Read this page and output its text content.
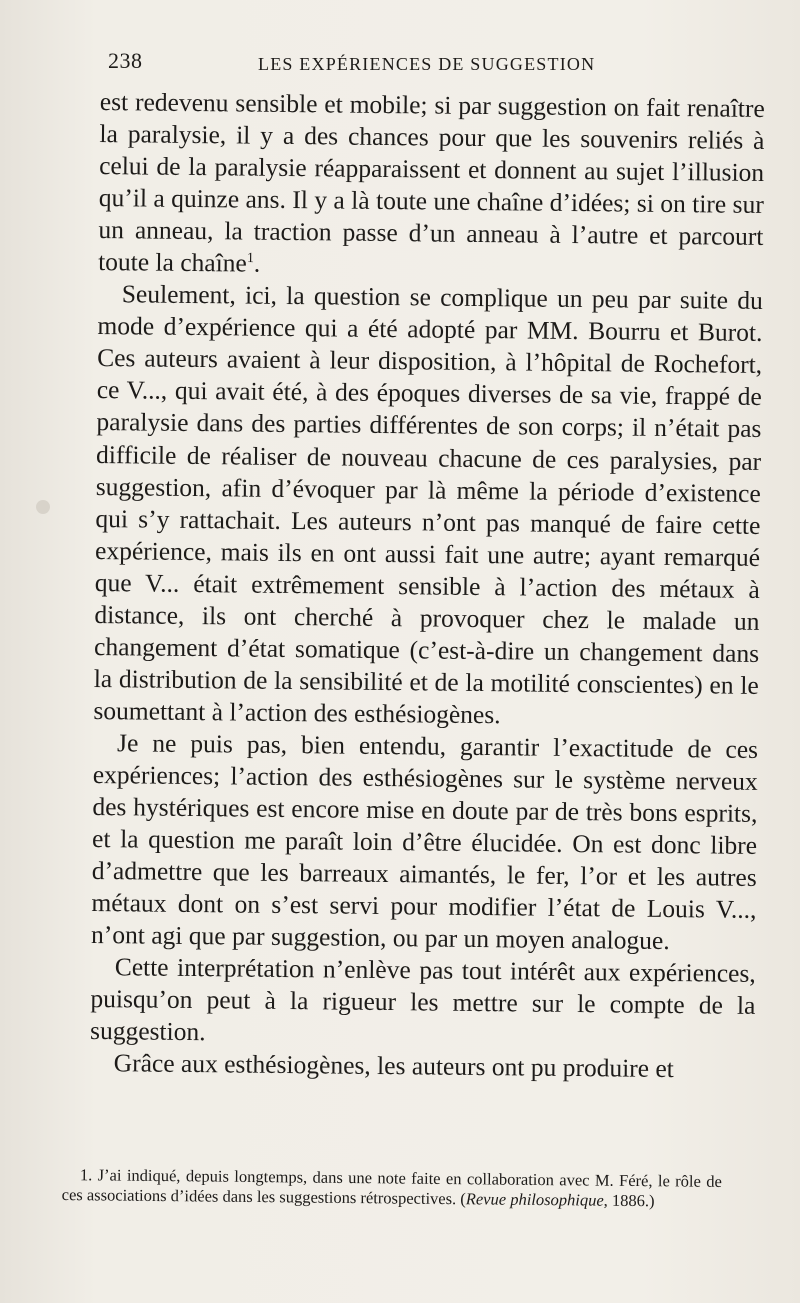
238	LES EXPÉRIENCES DE SUGGESTION

est redevenu sensible et mobile; si par suggestion on fait renaître la paralysie, il y a des chances pour que les souvenirs reliés à celui de la paralysie réapparaissent et donnent au sujet l’illusion qu’il a quinze ans. Il y a là toute une chaîne d’idées; si on tire sur un anneau, la traction passe d’un anneau à l’autre et parcourt toute la chaîne$^1$.

Seulement, ici, la question se complique un peu par suite du mode d’expérience qui a été adopté par MM. Bourru et Burot. Ces auteurs avaient à leur disposition, à l’hôpital de Rochefort, ce V..., qui avait été, à des époques diverses de sa vie, frappé de paralysie dans des parties différentes de son corps; il n’était pas difficile de réaliser de nouveau chacune de ces paralysies, par suggestion, afin d’évoquer par là même la période d’existence qui s’y rattachait. Les auteurs n’ont pas manqué de faire cette expérience, mais ils en ont aussi fait une autre; ayant remarqué que V... était extrêmement sensible à l’action des métaux à distance, ils ont cherché à provoquer chez le malade un changement d’état somatique (c’est-à-dire un changement dans la distribution de la sensibilité et de la motilité conscientes) en le soumettant à l’action des esthésiogènes.

Je ne puis pas, bien entendu, garantir l’exactitude de ces expériences; l’action des esthésiogènes sur le système nerveux des hystériques est encore mise en doute par de très bons esprits, et la question me paraît loin d’être élucidée. On est donc libre d’admettre que les barreaux aimantés, le fer, l’or et les autres métaux dont on s’est servi pour modifier l’état de Louis V..., n’ont agi que par suggestion, ou par un moyen analogue.

Cette interprétation n’enlève pas tout intérêt aux expériences, puisqu’on peut à la rigueur les mettre sur le compte de la suggestion.

Grâce aux esthésiogènes, les auteurs ont pu produire et

1. J’ai indiqué, depuis longtemps, dans une note faite en collaboration avec M. Féré, le rôle de ces associations d’idées dans les suggestions rétrospectives. (Revue philosophique, 1886.)
